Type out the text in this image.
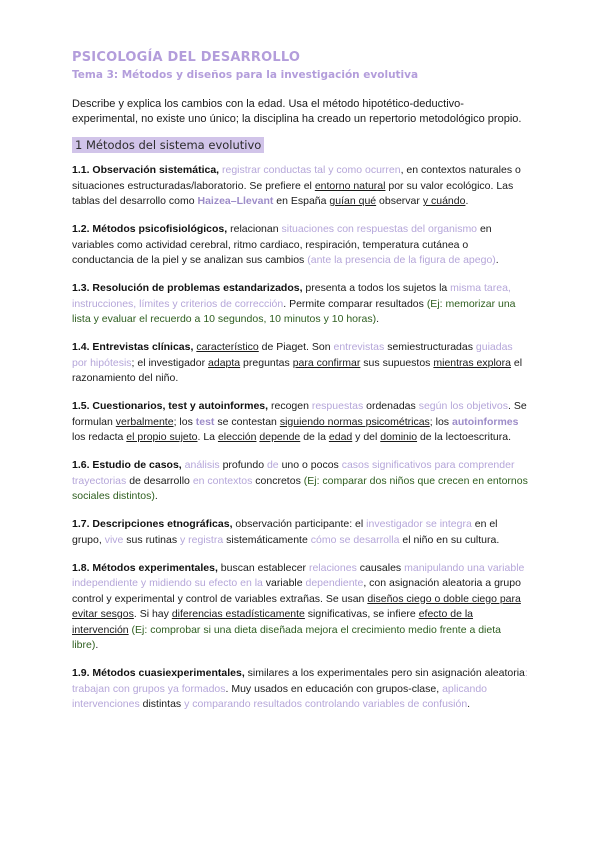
PSICOLOGÍA DEL DESARROLLO
Tema 3: Métodos y diseños para la investigación evolutiva

Describe y explica los cambios con la edad. Usa el método hipotético-deductivo-experimental, no existe uno único; la disciplina ha creado un repertorio metodológico propio.

1 Métodos del sistema evolutivo

1.1. Observación sistemática, registrar conductas tal y como ocurren, en contextos naturales o situaciones estructuradas/laboratorio. Se prefiere el entorno natural por su valor ecológico. Las tablas del desarrollo como Haizea–Llevant en España guían qué observar y cuándo.

1.2. Métodos psicofisiológicos, relacionan situaciones con respuestas del organismo en variables como actividad cerebral, ritmo cardiaco, respiración, temperatura cutánea o conductancia de la piel y se analizan sus cambios (ante la presencia de la figura de apego).

1.3. Resolución de problemas estandarizados, presenta a todos los sujetos la misma tarea, instrucciones, límites y criterios de corrección. Permite comparar resultados (Ej: memorizar una lista y evaluar el recuerdo a 10 segundos, 10 minutos y 10 horas).

1.4. Entrevistas clínicas, característico de Piaget. Son entrevistas semiestructuradas guiadas por hipótesis; el investigador adapta preguntas para confirmar sus supuestos mientras explora el razonamiento del niño.

1.5. Cuestionarios, test y autoinformes, recogen respuestas ordenadas según los objetivos. Se formulan verbalmente; los test se contestan siguiendo normas psicométricas; los autoinformes los redacta el propio sujeto. La elección depende de la edad y del dominio de la lectoescritura.

1.6. Estudio de casos, análisis profundo de uno o pocos casos significativos para comprender trayectorias de desarrollo en contextos concretos (Ej: comparar dos niños que crecen en entornos sociales distintos).

1.7. Descripciones etnográficas, observación participante: el investigador se integra en el grupo, vive sus rutinas y registra sistemáticamente cómo se desarrolla el niño en su cultura.

1.8. Métodos experimentales, buscan establecer relaciones causales manipulando una variable independiente y midiendo su efecto en la variable dependiente, con asignación aleatoria a grupo control y experimental y control de variables extrañas. Se usan diseños ciego o doble ciego para evitar sesgos. Si hay diferencias estadísticamente significativas, se infiere efecto de la intervención (Ej: comprobar si una dieta diseñada mejora el crecimiento medio frente a dieta libre).

1.9. Métodos cuasiexperimentales, similares a los experimentales pero sin asignación aleatoria: trabajan con grupos ya formados. Muy usados en educación con grupos-clase, aplicando intervenciones distintas y comparando resultados controlando variables de confusión.
